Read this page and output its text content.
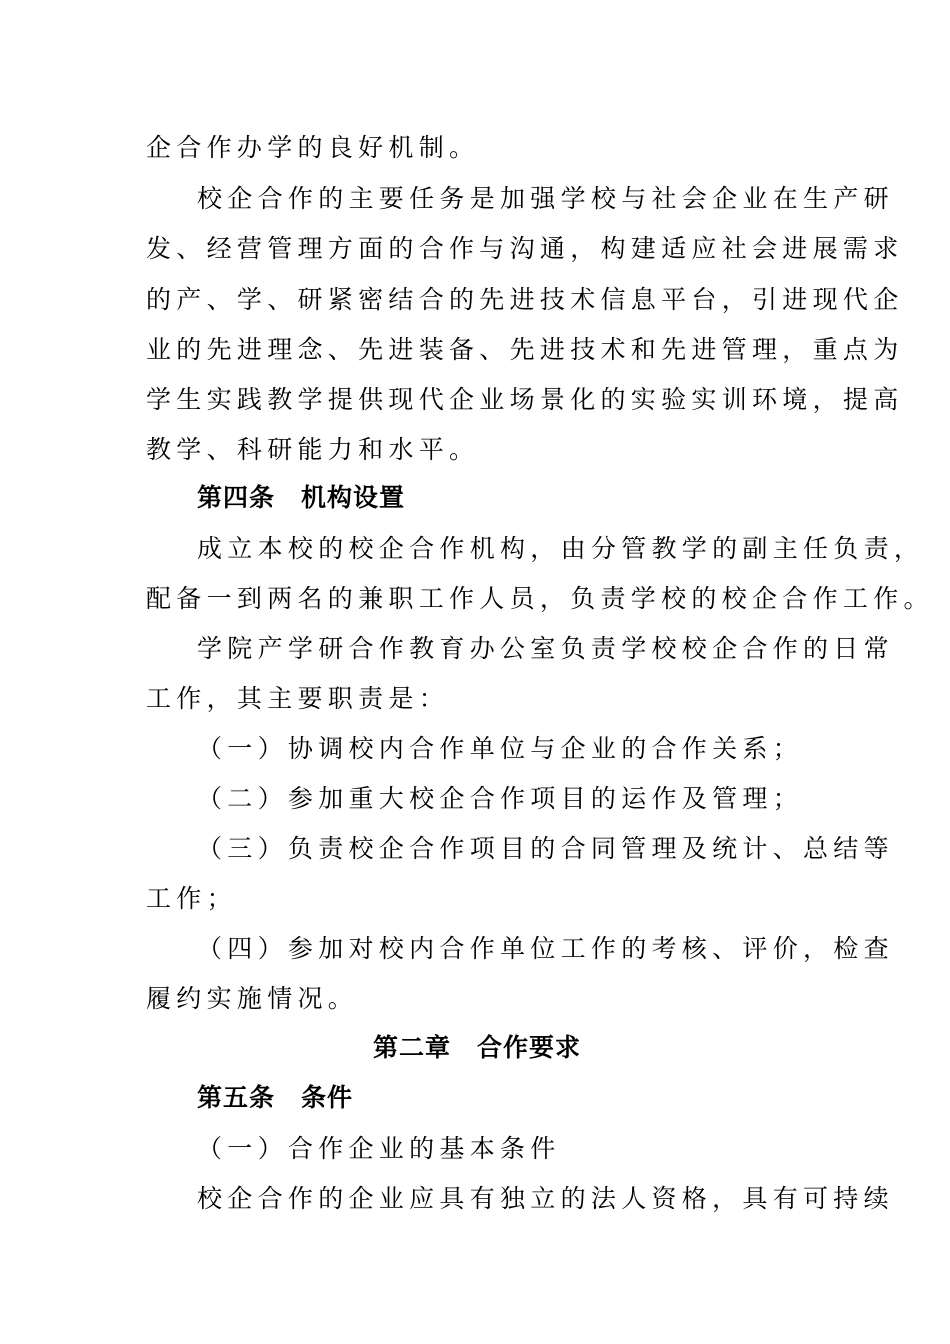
企合作办学的良好机制。
校企合作的主要任务是加强学校与社会企业在生产研
发、经营管理方面的合作与沟通，构建适应社会进展需求
的产、学、研紧密结合的先进技术信息平台，引进现代企
业的先进理念、先进装备、先进技术和先进管理，重点为
学生实践教学提供现代企业场景化的实验实训环境，提高
教学、科研能力和水平。
第四条　机构设置
成立本校的校企合作机构，由分管教学的副主任负责，
配备一到两名的兼职工作人员，负责学校的校企合作工作。
学院产学研合作教育办公室负责学校校企合作的日常
工作，其主要职责是：
（一）协调校内合作单位与企业的合作关系；
（二）参加重大校企合作项目的运作及管理；
（三）负责校企合作项目的合同管理及统计、总结等
工作；
（四）参加对校内合作单位工作的考核、评价，检查
履约实施情况。
第二章　合作要求
第五条　条件
（一）合作企业的基本条件
校企合作的企业应具有独立的法人资格，具有可持续
